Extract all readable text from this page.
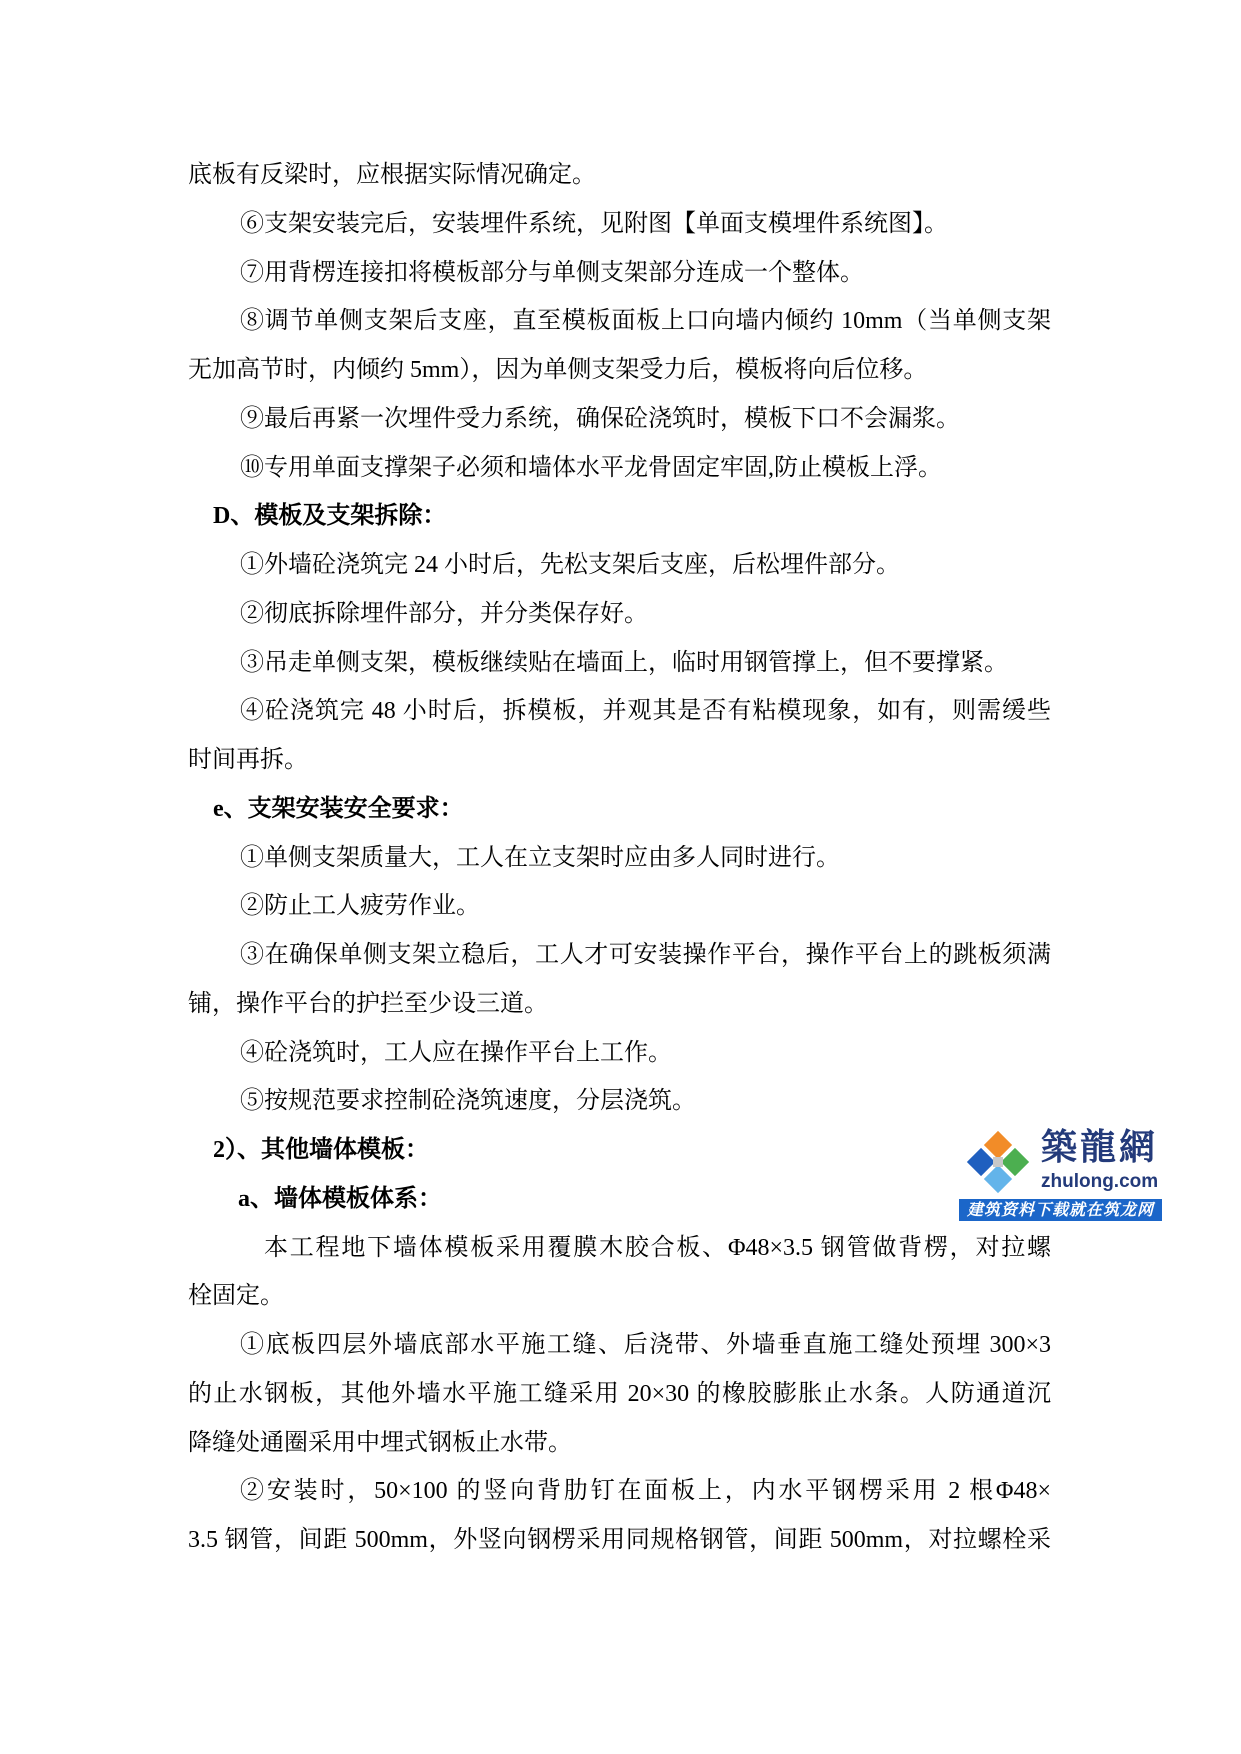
底板有反梁时，应根据实际情况确定。
⑥支架安装完后，安装埋件系统，见附图【单面支模埋件系统图】。
⑦用背楞连接扣将模板部分与单侧支架部分连成一个整体。
⑧调节单侧支架后支座，直至模板面板上口向墙内倾约 10mm（当单侧支架
无加高节时，内倾约 5mm），因为单侧支架受力后，模板将向后位移。
⑨最后再紧一次埋件受力系统，确保砼浇筑时，模板下口不会漏浆。
⑩专用单面支撑架子必须和墙体水平龙骨固定牢固,防止模板上浮。
D、模板及支架拆除：
①外墙砼浇筑完 24 小时后，先松支架后支座，后松埋件部分。
②彻底拆除埋件部分，并分类保存好。
③吊走单侧支架，模板继续贴在墙面上，临时用钢管撑上，但不要撑紧。
④砼浇筑完 48 小时后，拆模板，并观其是否有粘模现象，如有，则需缓些
时间再拆。
e、支架安装安全要求：
①单侧支架质量大，工人在立支架时应由多人同时进行。
②防止工人疲劳作业。
③在确保单侧支架立稳后，工人才可安装操作平台，操作平台上的跳板须满
铺，操作平台的护拦至少设三道。
④砼浇筑时，工人应在操作平台上工作。
⑤按规范要求控制砼浇筑速度，分层浇筑。
2）、其他墙体模板：
a、墙体模板体系：
本工程地下墙体模板采用覆膜木胶合板、Φ48×3.5 钢管做背楞，对拉螺
栓固定。
①底板四层外墙底部水平施工缝、后浇带、外墙垂直施工缝处预埋 300×3
的止水钢板，其他外墙水平施工缝采用 20×30 的橡胶膨胀止水条。人防通道沉
降缝处通圈采用中埋式钢板止水带。
②安装时，50×100 的竖向背肋钉在面板上，内水平钢楞采用 2 根Φ48×
3.5 钢管，间距 500mm，外竖向钢楞采用同规格钢管，间距 500mm，对拉螺栓采
築龍網
zhulong.com
建筑资料下载就在筑龙网
